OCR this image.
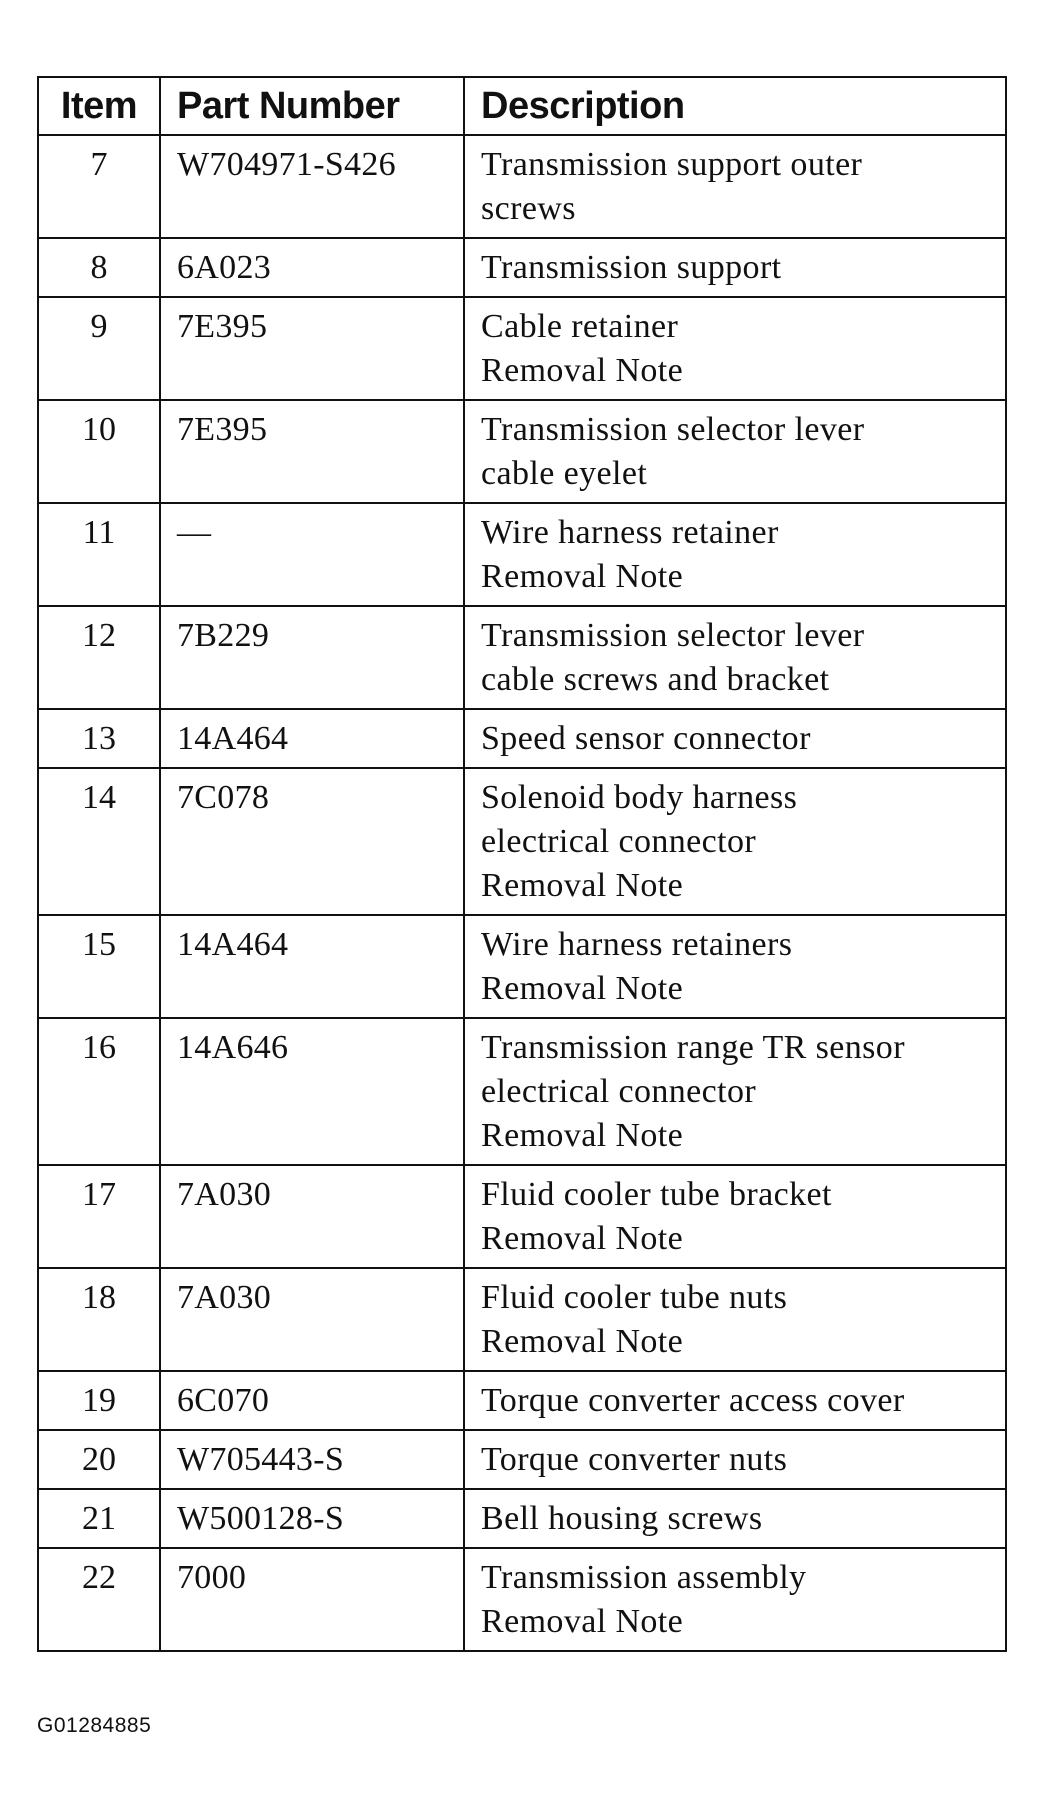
Item	Part Number	Description
7	W704971-S426	Transmission support outer
screws

8	6A023	Transmission support

9	7E395	Cable retainer
Removal Note

10	7E395	Transmission selector lever
cable eyelet

11	—	Wire harness retainer
Removal Note

12	7B229	Transmission selector lever
cable screws and bracket

13	14A464	Speed sensor connector

14	7C078	Solenoid body harness
electrical connector
Removal Note

15	14A464	Wire harness retainers
Removal Note

16	14A646	Transmission range TR sensor
electrical connector
Removal Note

17	7A030	Fluid cooler tube bracket
Removal Note

18	7A030	Fluid cooler tube nuts
Removal Note

19	6C070	Torque converter access cover

20	W705443-S	Torque converter nuts

21	W500128-S	Bell housing screws

22	7000	Transmission assembly
Removal Note
G01284885
